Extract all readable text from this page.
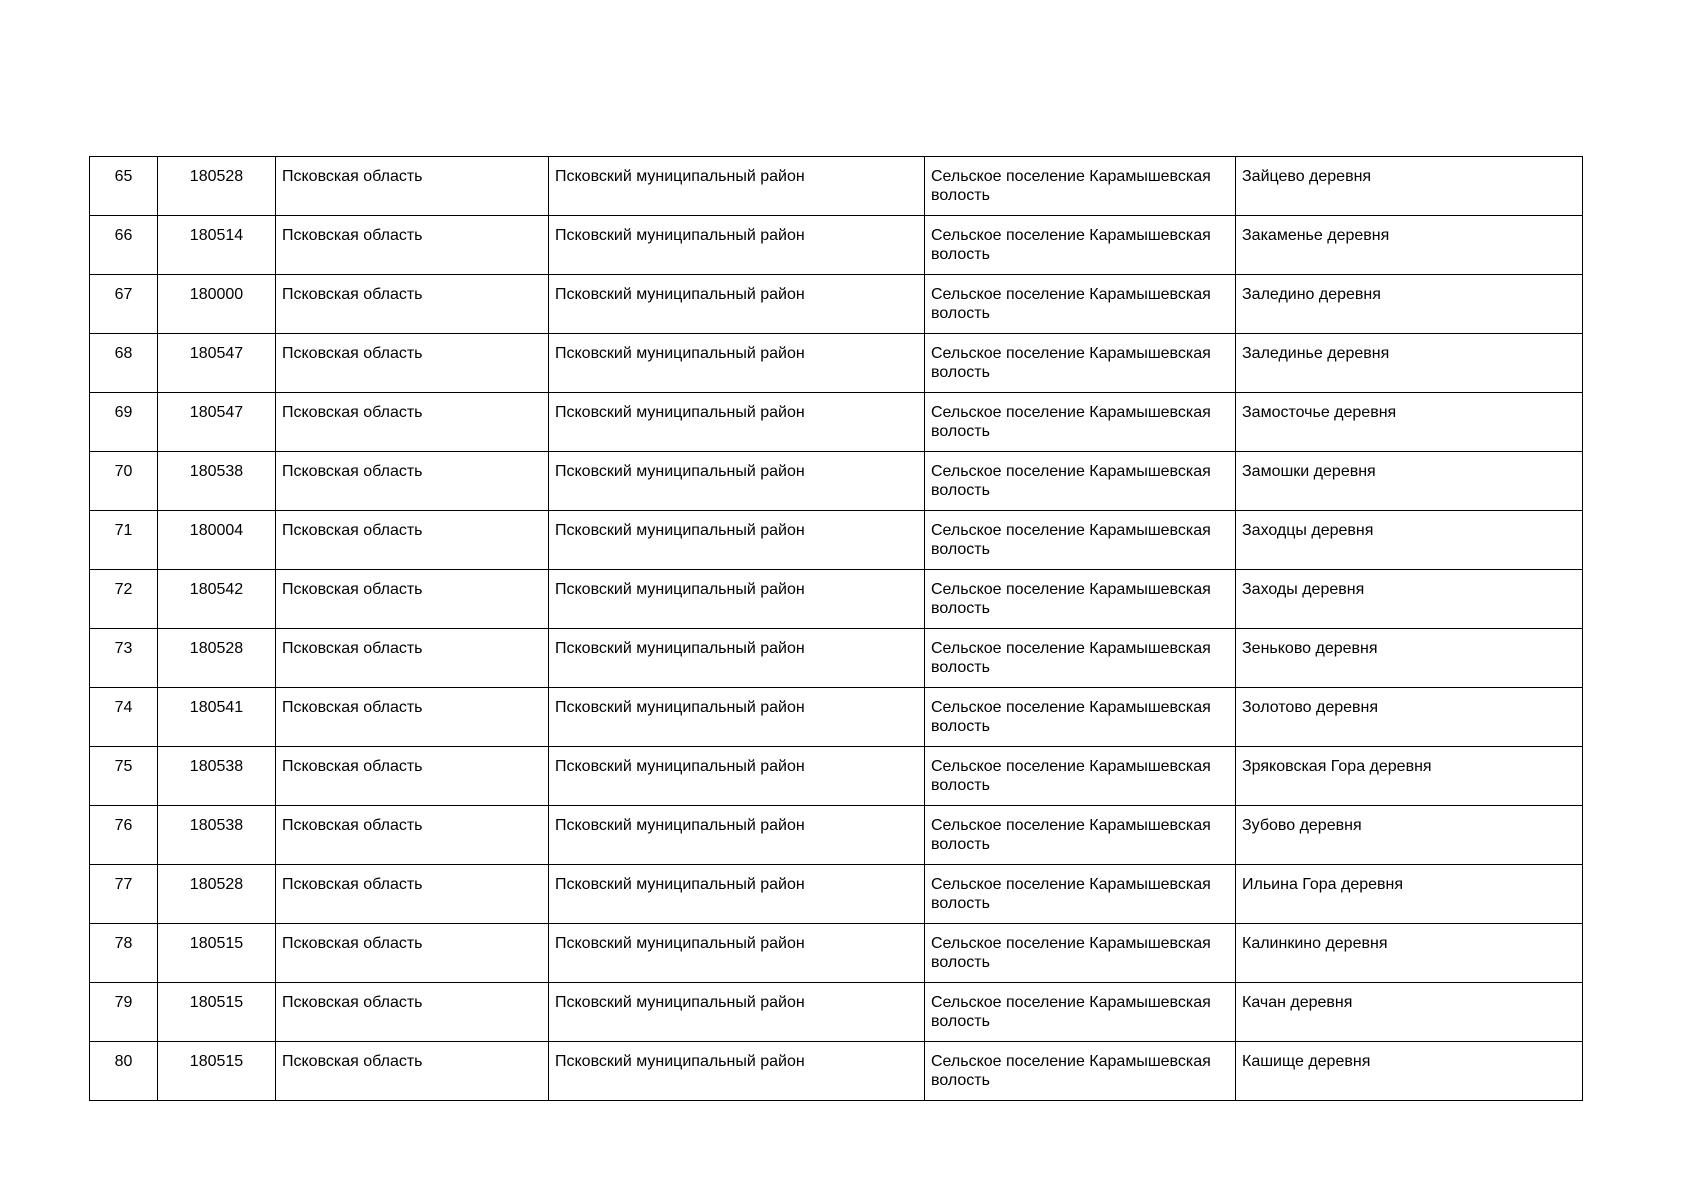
65	180528	Псковская область	Псковский муниципальный район	Сельское поселение Карамышевская волость	Зайцево деревня
66	180514	Псковская область	Псковский муниципальный район	Сельское поселение Карамышевская волость	Закаменье деревня
67	180000	Псковская область	Псковский муниципальный район	Сельское поселение Карамышевская волость	Заледино деревня
68	180547	Псковская область	Псковский муниципальный район	Сельское поселение Карамышевская волость	Залединье деревня
69	180547	Псковская область	Псковский муниципальный район	Сельское поселение Карамышевская волость	Замосточье деревня
70	180538	Псковская область	Псковский муниципальный район	Сельское поселение Карамышевская волость	Замошки деревня
71	180004	Псковская область	Псковский муниципальный район	Сельское поселение Карамышевская волость	Заходцы деревня
72	180542	Псковская область	Псковский муниципальный район	Сельское поселение Карамышевская волость	Заходы деревня
73	180528	Псковская область	Псковский муниципальный район	Сельское поселение Карамышевская волость	Зеньково деревня
74	180541	Псковская область	Псковский муниципальный район	Сельское поселение Карамышевская волость	Золотово деревня
75	180538	Псковская область	Псковский муниципальный район	Сельское поселение Карамышевская волость	Зряковская Гора деревня
76	180538	Псковская область	Псковский муниципальный район	Сельское поселение Карамышевская волость	Зубово деревня
77	180528	Псковская область	Псковский муниципальный район	Сельское поселение Карамышевская волость	Ильина Гора деревня
78	180515	Псковская область	Псковский муниципальный район	Сельское поселение Карамышевская волость	Калинкино деревня
79	180515	Псковская область	Псковский муниципальный район	Сельское поселение Карамышевская волость	Качан деревня
80	180515	Псковская область	Псковский муниципальный район	Сельское поселение Карамышевская волость	Кашище деревня
